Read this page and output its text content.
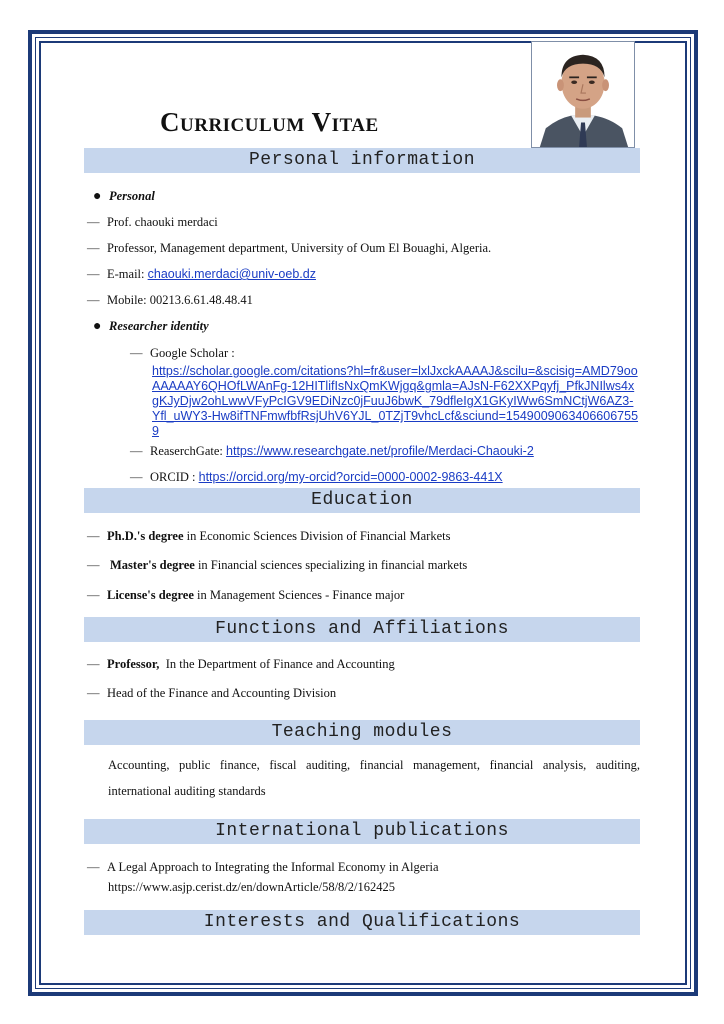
Curriculum Vitae
Personal information
● Personal
— Prof. chaouki merdaci
— Professor, Management department, University of Oum El Bouaghi, Algeria.
— E-mail: chaouki.merdaci@univ-oeb.dz
— Mobile: 00213.6.61.48.48.41
● Researcher identity
— Google Scholar :
https://scholar.google.com/citations?hl=fr&user=lxlJxckAAAAJ&scilu=&scisig=AMD79ooAAAAAY6QHOfLWAnFg-12HITlifIsNxQmKWjgq&gmla=AJsN-F62XXPqyfj_PfkJNIlws4xgKJyDjw2ohLwwVFyPcIGV9EDiNzc0jFuuJ6bwK_79dfleIgX1GKyIWw6SmNCtjW6AZ3-Yfl_uWY3-Hw8ifTNFmwfbfRsjUhV6YJL_0TZjT9vhcLcf&sciund=15490090634066067559
— ReaserchGate: https://www.researchgate.net/profile/Merdaci-Chaouki-2
— ORCID : https://orcid.org/my-orcid?orcid=0000-0002-9863-441X
Education
— Ph.D.'s degree in Economic Sciences Division of Financial Markets
— Master's degree in Financial sciences specializing in financial markets
— License's degree in Management Sciences - Finance major
Functions and Affiliations
— Professor,  In the Department of Finance and Accounting
— Head of the Finance and Accounting Division
Teaching modules
Accounting, public finance, fiscal auditing, financial management, financial analysis, auditing, international auditing standards
International publications
— A Legal Approach to Integrating the Informal Economy in Algeria
https://www.asjp.cerist.dz/en/downArticle/58/8/2/162425
Interests and Qualifications
